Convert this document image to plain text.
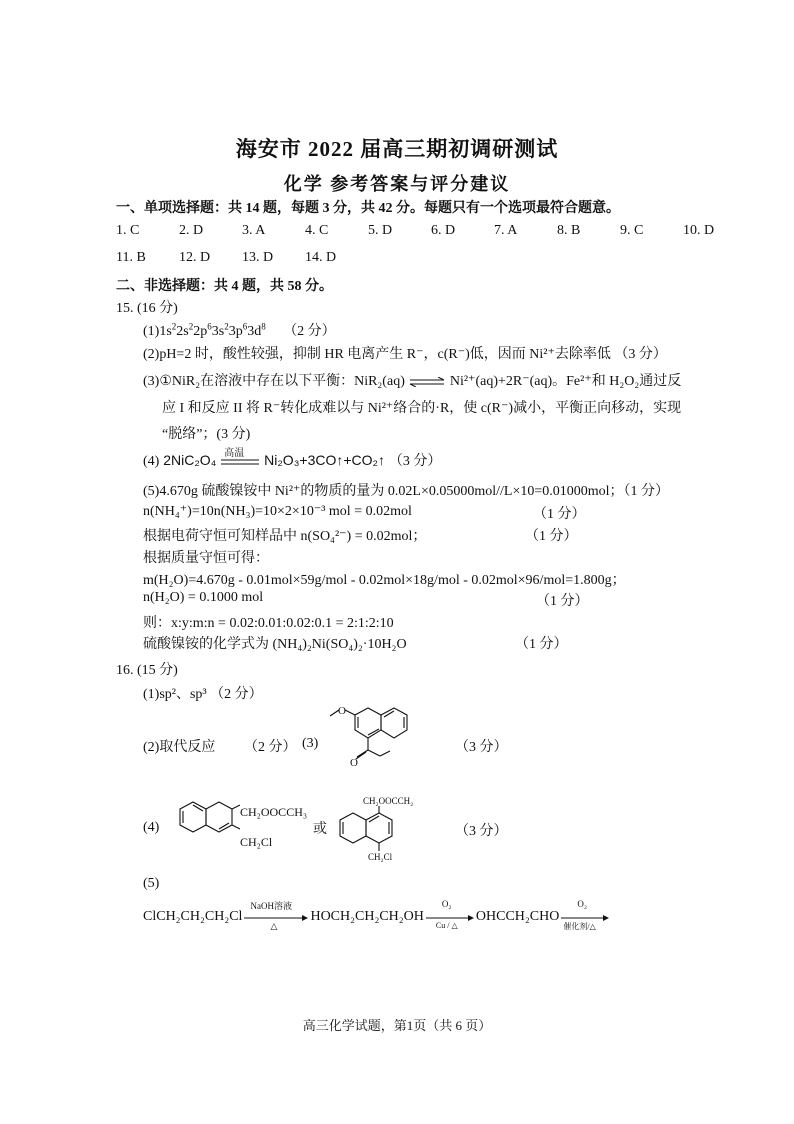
海安市 2022 届高三期初调研测试
化学 参考答案与评分建议
一、单项选择题：共 14 题，每题 3 分，共 42 分。每题只有一个选项最符合题意。
1. C	2. D	3. A	4. C	5. D	6. D	7. A	8. B	9. C	10. D
11. B	12. D	13. D	14. D
二、非选择题：共 4 题，共 58 分。
15. (16 分)
$(1)1s^22s^22p^63s^23p^63d^8$ （2 分）
(2)pH=2 时，酸性较强，抑制 HR 电离产生 R⁻，c(R⁻)低，因而 Ni²⁺去除率低 （3 分）
(3)①NiR₂在溶液中存在以下平衡：NiR₂(aq) ⇌ Ni²⁺(aq)+2R⁻(aq)。Fe²⁺和 H₂O₂通过反
应 I 和反应 II 将 R⁻转化成难以与 Ni²⁺络合的·R，使 c(R⁻)减小，平衡正向移动，实现
“脱络”；(3 分)
(4) 2NiC₂O₄ 高温 Ni₂O₃+3CO↑+CO₂↑ （3 分）
(5)4.670g 硫酸镍铵中 Ni²⁺的物质的量为 0.02L×0.05000mol//L×10=0.01000mol；（1 分）
n(NH₄⁺)=10n(NH₃)=10×2×10⁻³ mol = 0.02mol	（1 分）
根据电荷守恒可知样品中 n(SO₄²⁻) = 0.02mol；	（1 分）
根据质量守恒可得：
m(H₂O)=4.670g - 0.01mol×59g/mol - 0.02mol×18g/mol - 0.02mol×96/mol=1.800g；
n(H₂O) = 0.1000 mol	（1 分）
则：x:y:m:n = 0.02:0.01:0.02:0.1 = 2:1:2:10
硫酸镍铵的化学式为 (NH₄)₂Ni(SO₄)₂·10H₂O	（1 分）
16. (15 分)
(1)sp²、sp³ （2 分）
(2)取代反应 （2 分） (3)
O
O
（3 分）
(4)
CH₂OOCCH₃
CH₂Cl
或
CH₂OOCCH₂
CH₂Cl
（3 分）
(5)
ClCH₂CH₂CH₂Cl
NaOH溶液
△
HOCH₂CH₂CH₂OH
O₂
Cu / △
OHCCH₂CHO
O₂
催化剂/△
高三化学试题，第1页（共 6 页）
